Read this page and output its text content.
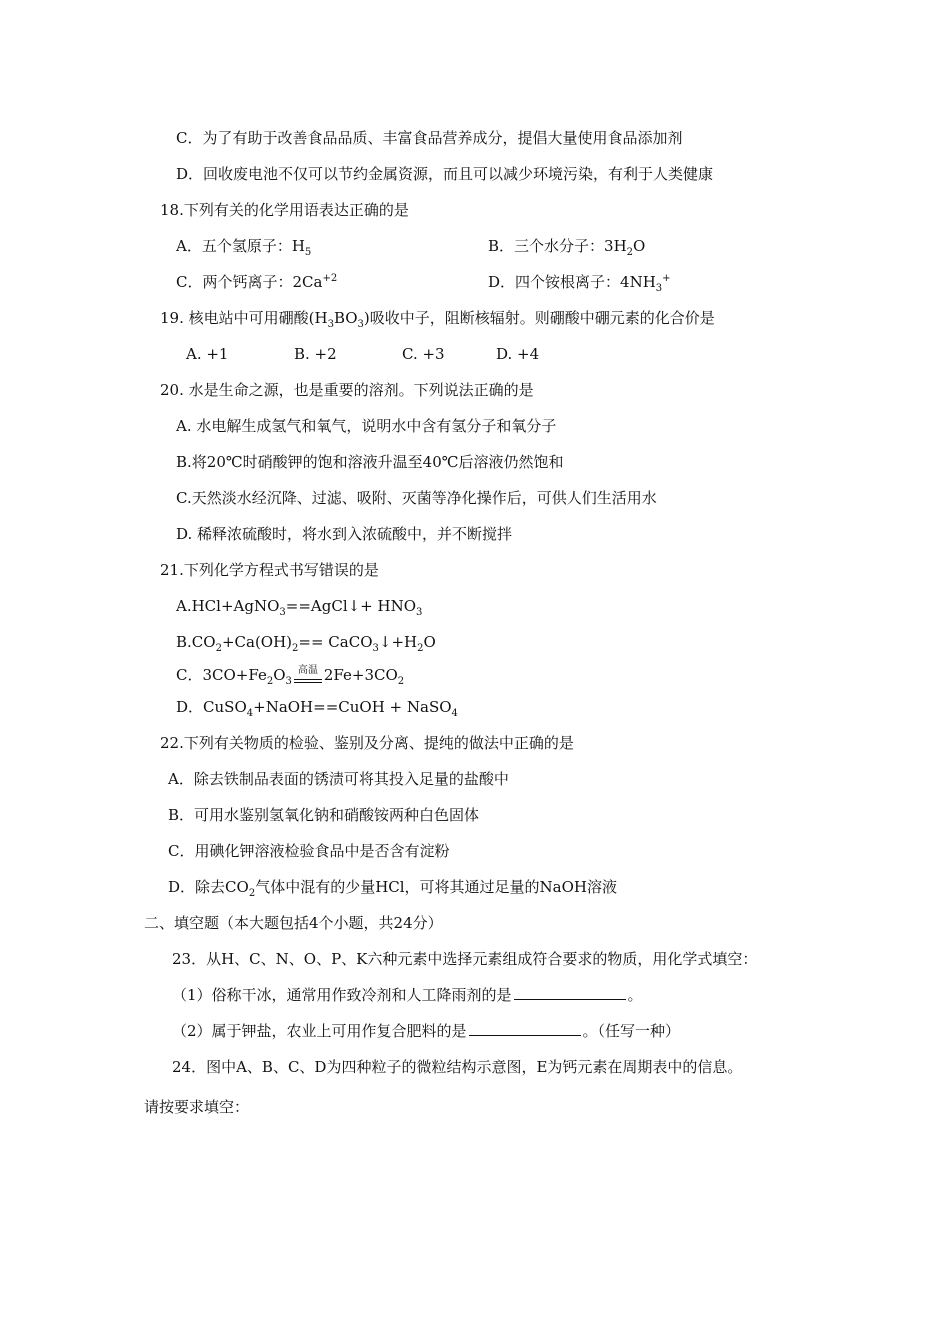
C．为了有助于改善食品品质、丰富食品营养成分，提倡大量使用食品添加剂
D．回收废电池不仅可以节约金属资源，而且可以减少环境污染，有利于人类健康
18.下列有关的化学用语表达正确的是
A．五个氢原子：$H_5$	B．三个水分子：$3H_2O$
C．两个钙离子：$2Ca^{+2}$	D．四个铵根离子：$4NH_3^+$
19. 核电站中可用硼酸$(H_3BO_3)$吸收中子，阻断核辐射。则硼酸中硼元素的化合价是
A. +1	B. +2	C. +3	D. +4
20. 水是生命之源，也是重要的溶剂。下列说法正确的是
A. 水电解生成氢气和氧气，说明水中含有氢分子和氧分子
B.将20℃时硝酸钾的饱和溶液升温至40℃后溶液仍然饱和
C.天然淡水经沉降、过滤、吸附、灭菌等净化操作后，可供人们生活用水
D. 稀释浓硫酸时，将水到入浓硫酸中，并不断搅拌
21.下列化学方程式书写错误的是
A.HCl+AgNO$_3$==AgCl↓+ $HNO_3$
$B.CO_2+Ca(OH)_2==$ $CaCO_3↓+H_2O$
C．$3CO+Fe_2O_3$
高温 $2Fe+3CO_2$
D．CuSO$_4$+NaOH==CuOH + NaSO$_4$
22.下列有关物质的检验、鉴别及分离、提纯的做法中正确的是
A．除去铁制品表面的锈渍可将其投入足量的盐酸中
B．可用水鉴别氢氧化钠和硝酸铵两种白色固体
C．用碘化钾溶液检验食品中是否含有淀粉
D．除去$CO_2$气体中混有的少量HCl，可将其通过足量的NaOH溶液
二、填空题（本大题包括4个小题，共24分）
23．从H、C、N、O、P、K六种元素中选择元素组成符合要求的物质，用化学式填空：
（1）俗称干冰，通常用作致冷剂和人工降雨剂的是	。
（2）属于钾盐，农业上可用作复合肥料的是	。（任写一种）
24．图中A、B、C、D为四种粒子的微粒结构示意图，E为钙元素在周期表中的信息。
请按要求填空：
